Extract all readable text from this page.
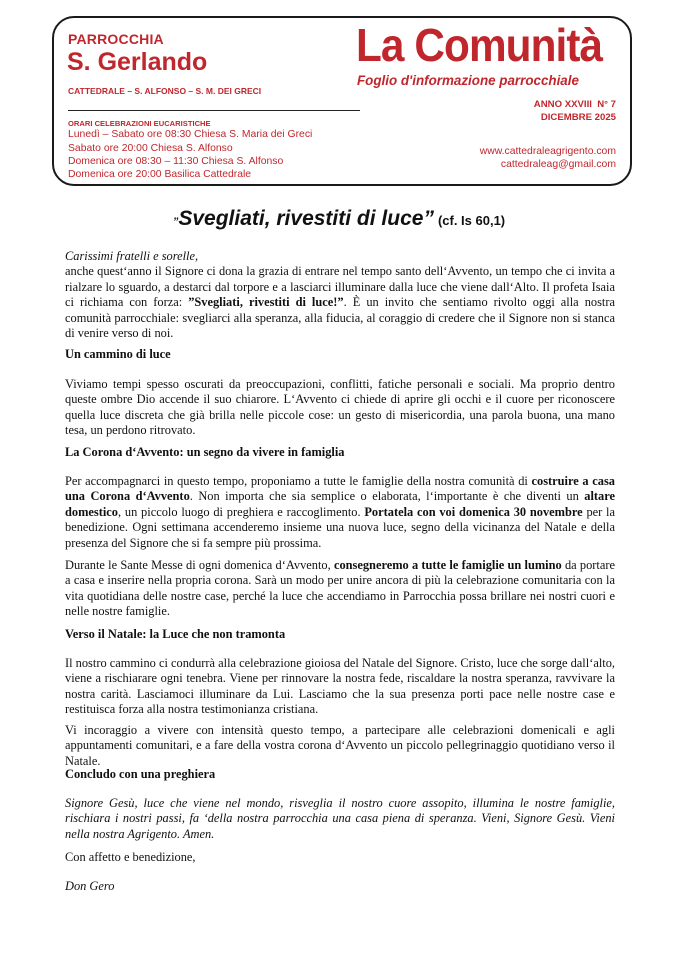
PARROCCHIA
S. Gerlando
CATTEDRALE – S. ALFONSO – S. M. DEI GRECI
ORARI CELEBRAZIONI EUCARISTICHE
Lunedì – Sabato ore 08:30 Chiesa S. Maria dei Greci
Sabato ore 20:00 Chiesa S. Alfonso
Domenica ore 08:30 – 11:30 Chiesa S. Alfonso
Domenica ore 20:00 Basilica Cattedrale
La Comunità
Foglio d'informazione parrocchiale
ANNO XXVIII  N° 7
DICEMBRE 2025
www.cattedraleagrigento.com
cattedraleag@gmail.com
”Svegliati, rivestiti di luce” (cf. Is 60,1)

Carissimi fratelli e sorelle,

anche quest‘anno il Signore ci dona la grazia di entrare nel tempo santo dell‘Avvento, un tempo che ci invita a rialzare lo sguardo, a destarci dal torpore e a lasciarci illuminare dalla luce che viene dall‘Alto. Il profeta Isaia ci richiama con forza: ”Svegliati, rivestiti di luce!”. È un invito che sentiamo rivolto oggi alla nostra comunità parrocchiale: svegliarci alla speranza, alla fiducia, al coraggio di credere che il Signore non si stanca di venire verso di noi.

Un cammino di luce

Viviamo tempi spesso oscurati da preoccupazioni, conflitti, fatiche personali e sociali. Ma proprio dentro queste ombre Dio accende il suo chiarore. L‘Avvento ci chiede di aprire gli occhi e il cuore per riconoscere quella luce discreta che già brilla nelle piccole cose: un gesto di misericordia, una parola buona, una mano tesa, un perdono ritrovato.

La Corona d‘Avvento: un segno da vivere in famiglia

Per accompagnarci in questo tempo, proponiamo a tutte le famiglie della nostra comunità di costruire a casa una Corona d‘Avvento. Non importa che sia semplice o elaborata, l‘importante è che diventi un altare domestico, un piccolo luogo di preghiera e raccoglimento. Portatela con voi domenica 30 novembre per la benedizione. Ogni settimana accenderemo insieme una nuova luce, segno della vicinanza del Natale e della presenza del Signore che si fa sempre più prossima.

Durante le Sante Messe di ogni domenica d‘Avvento, consegneremo a tutte le famiglie un lumino da portare a casa e inserire nella propria corona. Sarà un modo per unire ancora di più la celebrazione comunitaria con la vita quotidiana delle nostre case, perché la luce che accendiamo in Parrocchia possa brillare nei nostri cuori e nelle nostre famiglie.

Verso il Natale: la Luce che non tramonta

Il nostro cammino ci condurrà alla celebrazione gioiosa del Natale del Signore. Cristo, luce che sorge dall‘alto, viene a rischiarare ogni tenebra. Viene per rinnovare la nostra fede, riscaldare la nostra speranza, ravvivare la nostra carità. Lasciamoci illuminare da Lui. Lasciamo che la sua presenza porti pace nelle nostre case e restituisca forza alla nostra testimonianza cristiana.

Vi incoraggio a vivere con intensità questo tempo, a partecipare alle celebrazioni domenicali e agli appuntamenti comunitari, e a fare della vostra corona d‘Avvento un piccolo pellegrinaggio quotidiano verso il Natale.

Concludo con una preghiera

Signore Gesù, luce che viene nel mondo, risveglia il nostro cuore assopito, illumina le nostre famiglie, rischiara i nostri passi, fa ‘della nostra parrocchia una casa piena di speranza. Vieni, Signore Gesù. Vieni nella nostra Agrigento. Amen.

Con affetto e benedizione,

Don Gero
